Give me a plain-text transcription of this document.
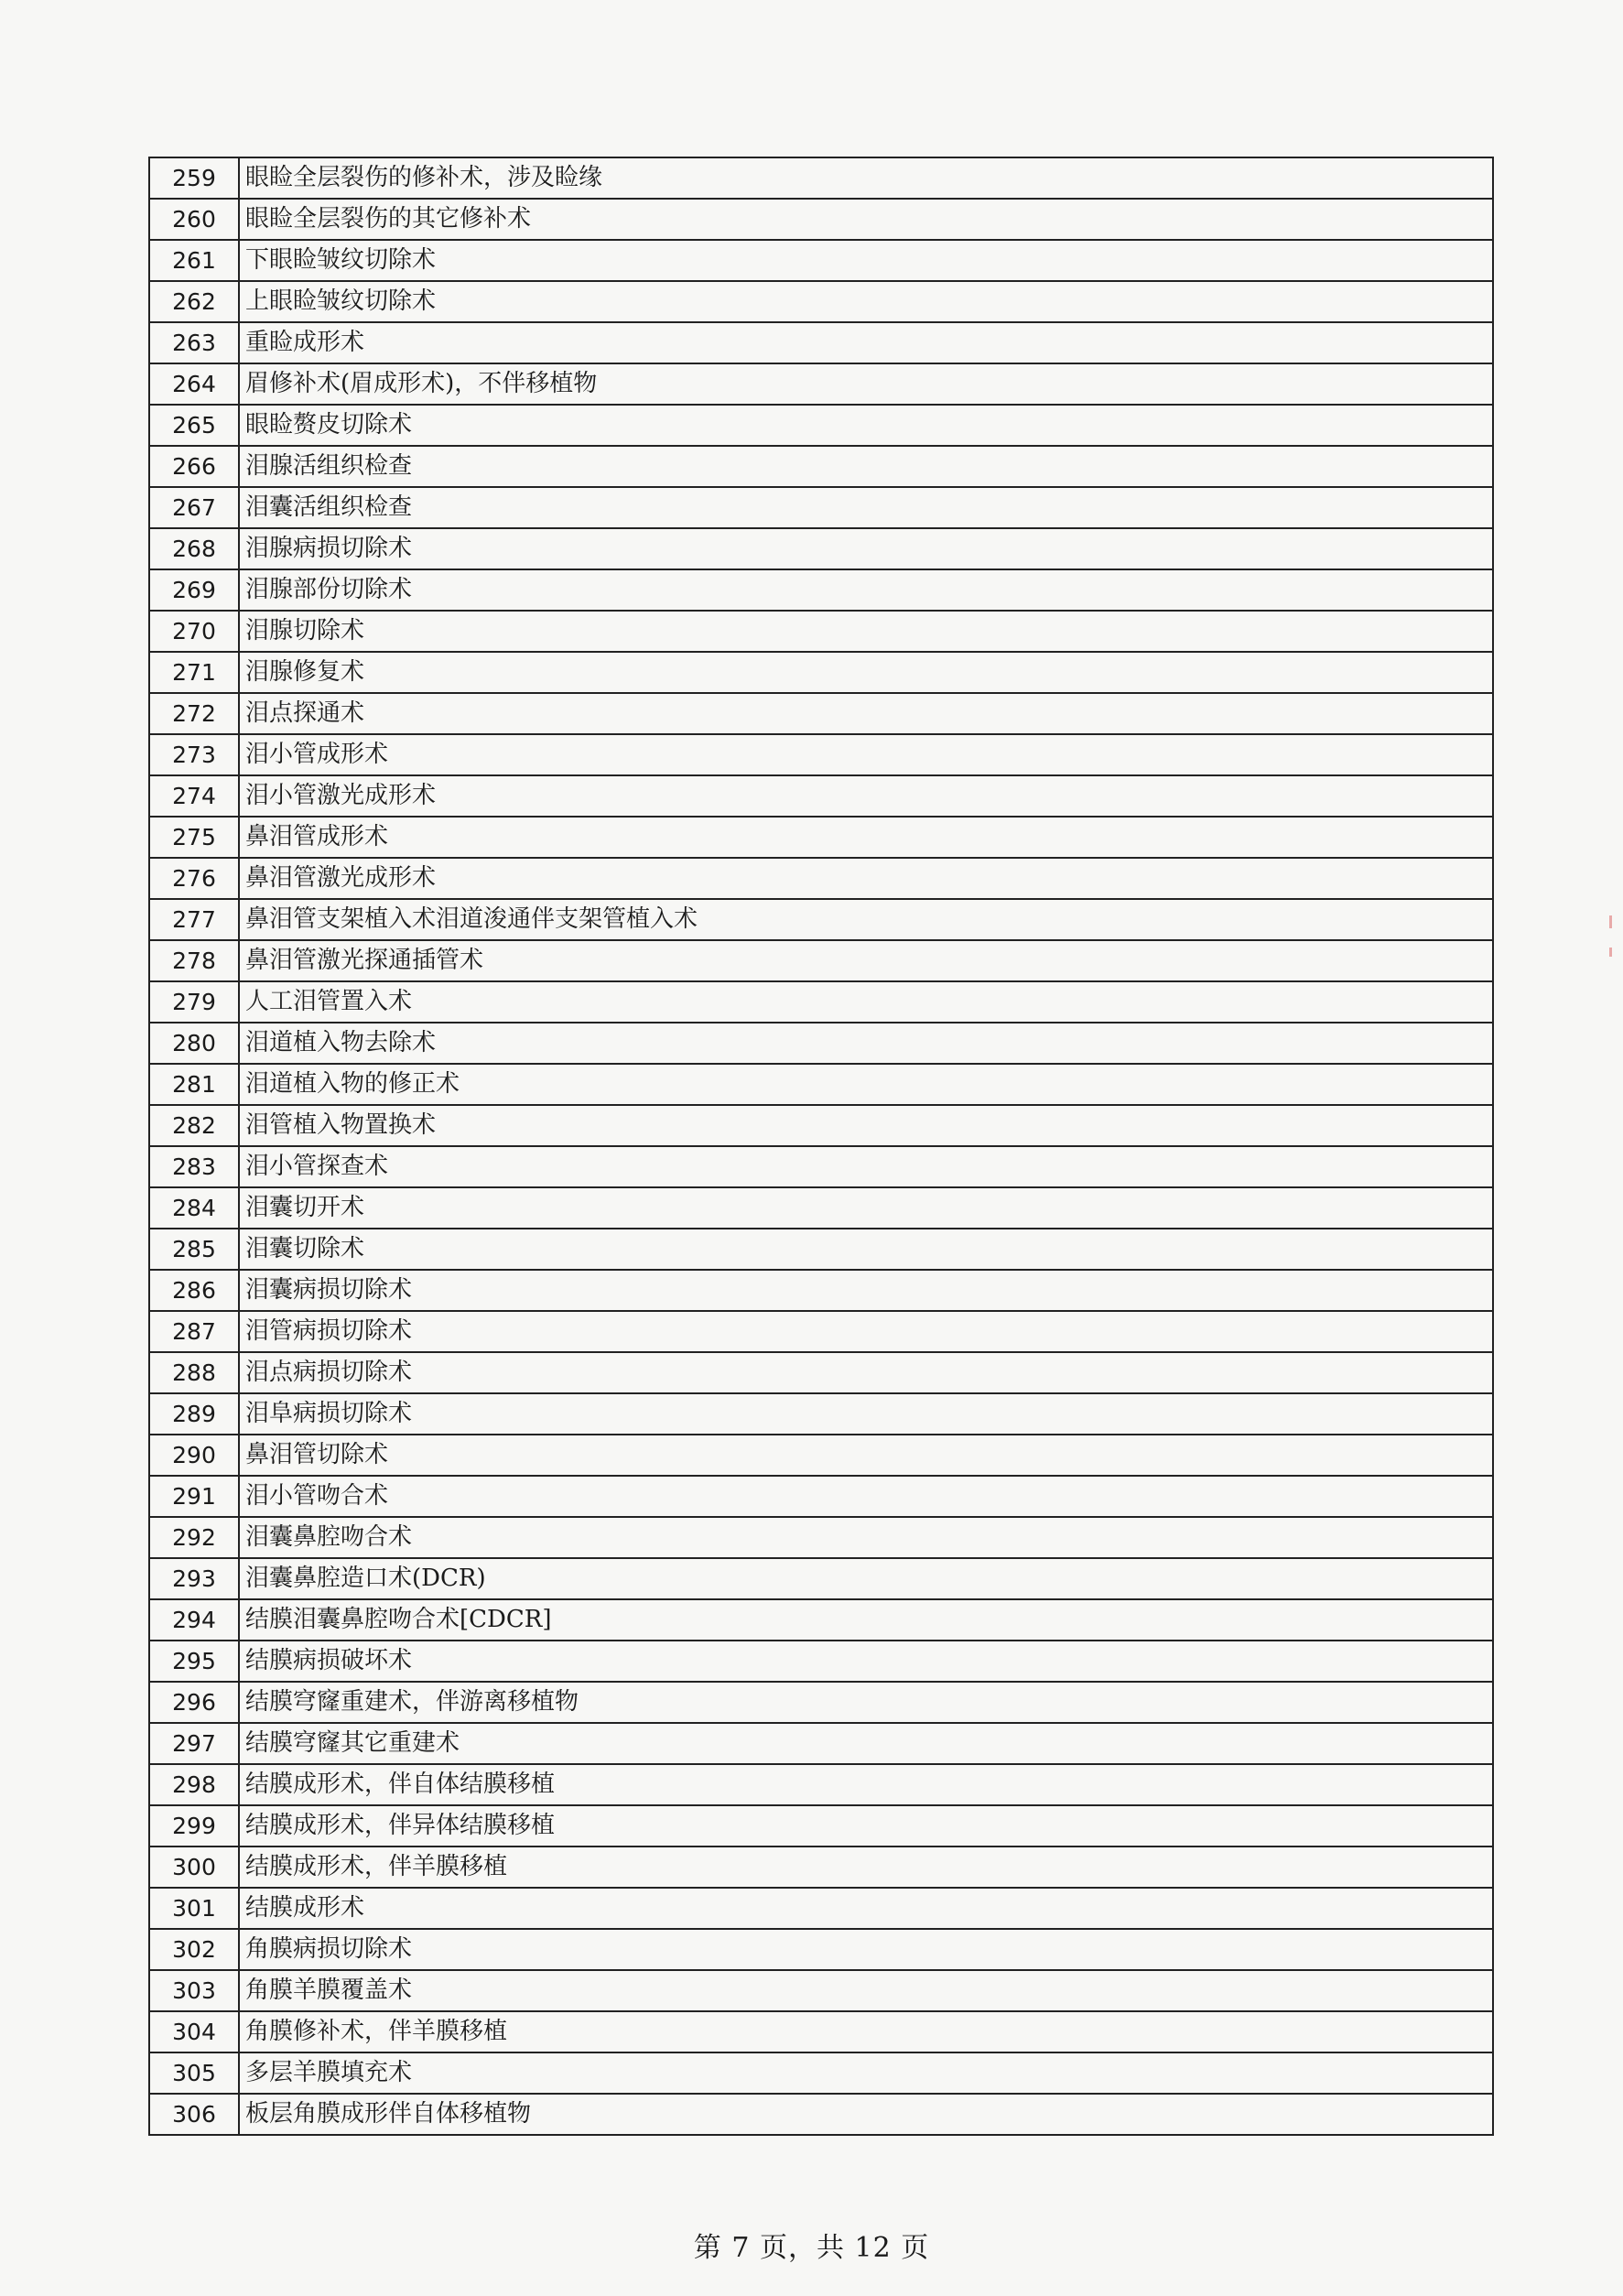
259	眼睑全层裂伤的修补术，涉及睑缘
260	眼睑全层裂伤的其它修补术
261	下眼睑皱纹切除术
262	上眼睑皱纹切除术
263	重睑成形术
264	眉修补术(眉成形术)，不伴移植物
265	眼睑赘皮切除术
266	泪腺活组织检查
267	泪囊活组织检查
268	泪腺病损切除术
269	泪腺部份切除术
270	泪腺切除术
271	泪腺修复术
272	泪点探通术
273	泪小管成形术
274	泪小管激光成形术
275	鼻泪管成形术
276	鼻泪管激光成形术
277	鼻泪管支架植入术泪道浚通伴支架管植入术
278	鼻泪管激光探通插管术
279	人工泪管置入术
280	泪道植入物去除术
281	泪道植入物的修正术
282	泪管植入物置换术
283	泪小管探查术
284	泪囊切开术
285	泪囊切除术
286	泪囊病损切除术
287	泪管病损切除术
288	泪点病损切除术
289	泪阜病损切除术
290	鼻泪管切除术
291	泪小管吻合术
292	泪囊鼻腔吻合术
293	泪囊鼻腔造口术(DCR)
294	结膜泪囊鼻腔吻合术[CDCR]
295	结膜病损破坏术
296	结膜穹窿重建术，伴游离移植物
297	结膜穹窿其它重建术
298	结膜成形术，伴自体结膜移植
299	结膜成形术，伴异体结膜移植
300	结膜成形术，伴羊膜移植
301	结膜成形术
302	角膜病损切除术
303	角膜羊膜覆盖术
304	角膜修补术，伴羊膜移植
305	多层羊膜填充术
306	板层角膜成形伴自体移植物
第 7 页，共 12 页
